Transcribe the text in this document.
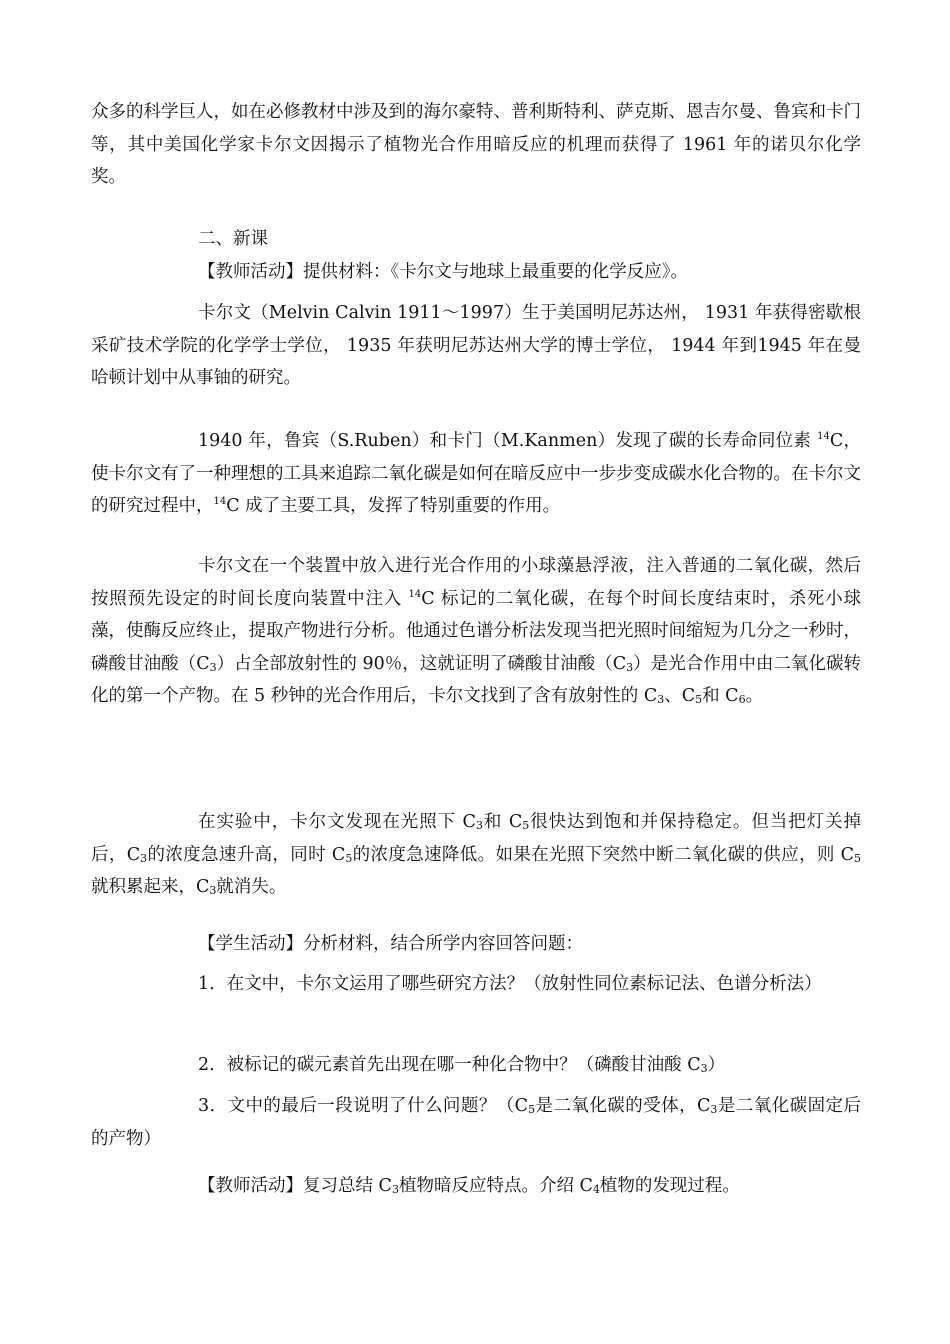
众多的科学巨人，如在必修教材中涉及到的海尔豪特、普利斯特利、萨克斯、恩吉尔曼、鲁宾和卡门等，其中美国化学家卡尔文因揭示了植物光合作用暗反应的机理而获得了 1961 年的诺贝尔化学奖。

二、新课

【教师活动】提供材料：《卡尔文与地球上最重要的化学反应》。

卡尔文（Melvin Calvin 1911～1997）生于美国明尼苏达州， 1931 年获得密歇根采矿技术学院的化学学士学位， 1935 年获明尼苏达州大学的博士学位， 1944 年到1945 年在曼哈顿计划中从事铀的研究。

1940 年，鲁宾（S.Ruben）和卡门（M.Kanmen）发现了碳的长寿命同位素 $^{14}$C，使卡尔文有了一种理想的工具来追踪二氧化碳是如何在暗反应中一步步变成碳水化合物的。在卡尔文的研究过程中，$^{14}$C 成了主要工具，发挥了特别重要的作用。

卡尔文在一个装置中放入进行光合作用的小球藻悬浮液，注入普通的二氧化碳，然后按照预先设定的时间长度向装置中注入 $^{14}$C 标记的二氧化碳，在每个时间长度结束时，杀死小球藻，使酶反应终止，提取产物进行分析。他通过色谱分析法发现当把光照时间缩短为几分之一秒时，磷酸甘油酸$(C_3)$占全部放射性的 90％，这就证明了磷酸甘油酸$(C_3)$是光合作用中由二氧化碳转化的第一个产物。在 5 秒钟的光合作用后，卡尔文找到了含有放射性的 $C_3$、$C_5$和 $C_6$。

在实验中，卡尔文发现在光照下 $C_3$和 $C_5$很快达到饱和并保持稳定。但当把灯关掉后，$C_3$的浓度急速升高，同时 $C_5$的浓度急速降低。如果在光照下突然中断二氧化碳的供应，则 $C_5$就积累起来，$C_3$就消失。

【学生活动】分析材料，结合所学内容回答问题：

1．在文中，卡尔文运用了哪些研究方法？（放射性同位素标记法、色谱分析法）

2．被标记的碳元素首先出现在哪一种化合物中？（磷酸甘油酸 $C_3$）

3．文中的最后一段说明了什么问题？（$C_5$是二氧化碳的受体，$C_3$是二氧化碳固定后的产物）

【教师活动】复习总结 $C_3$植物暗反应特点。介绍 $C_4$植物的发现过程。
